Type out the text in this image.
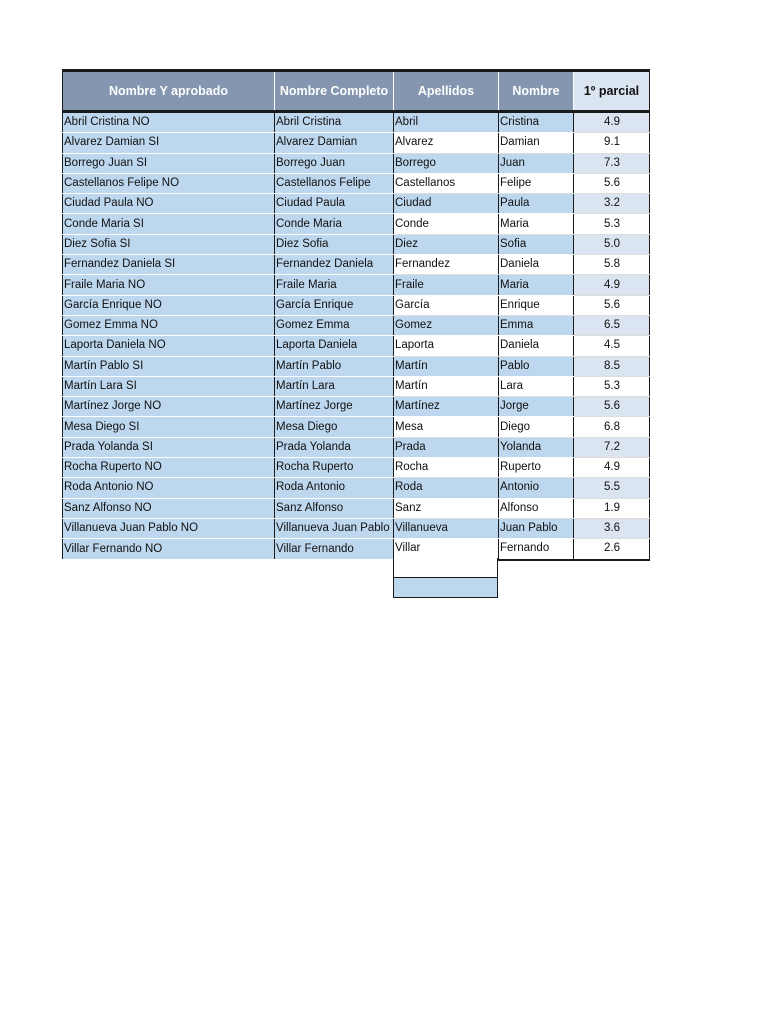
Nombre Y aprobado	Nombre Completo	Apellidos	Nombre	1º parcial
Abril Cristina NO	Abril Cristina	Abril	Cristina	4.9
Alvarez Damian SI	Alvarez Damian	Alvarez	Damian	9.1
Borrego Juan SI	Borrego Juan	Borrego	Juan	7.3
Castellanos Felipe NO	Castellanos Felipe	Castellanos	Felipe	5.6
Ciudad Paula NO	Ciudad Paula	Ciudad	Paula	3.2
Conde Maria SI	Conde Maria	Conde	Maria	5.3
Diez Sofia SI	Diez Sofia	Diez	Sofia	5.0
Fernandez Daniela SI	Fernandez Daniela	Fernandez	Daniela	5.8
Fraile Maria NO	Fraile Maria	Fraile	Maria	4.9
García Enrique NO	García Enrique	García	Enrique	5.6
Gomez Emma NO	Gomez Emma	Gomez	Emma	6.5
Laporta Daniela NO	Laporta Daniela	Laporta	Daniela	4.5
Martín Pablo SI	Martín Pablo	Martín	Pablo	8.5
Martín Lara SI	Martín Lara	Martín	Lara	5.3
Martínez Jorge NO	Martínez Jorge	Martínez	Jorge	5.6
Mesa Diego SI	Mesa Diego	Mesa	Diego	6.8
Prada Yolanda SI	Prada Yolanda	Prada	Yolanda	7.2
Rocha Ruperto NO	Rocha Ruperto	Rocha	Ruperto	4.9
Roda Antonio NO	Roda Antonio	Roda	Antonio	5.5
Sanz Alfonso NO	Sanz Alfonso	Sanz	Alfonso	1.9
Villanueva Juan Pablo NO	Villanueva Juan Pablo	Villanueva	Juan Pablo	3.6
Villar Fernando NO	Villar Fernando	Villar	Fernando	2.6
